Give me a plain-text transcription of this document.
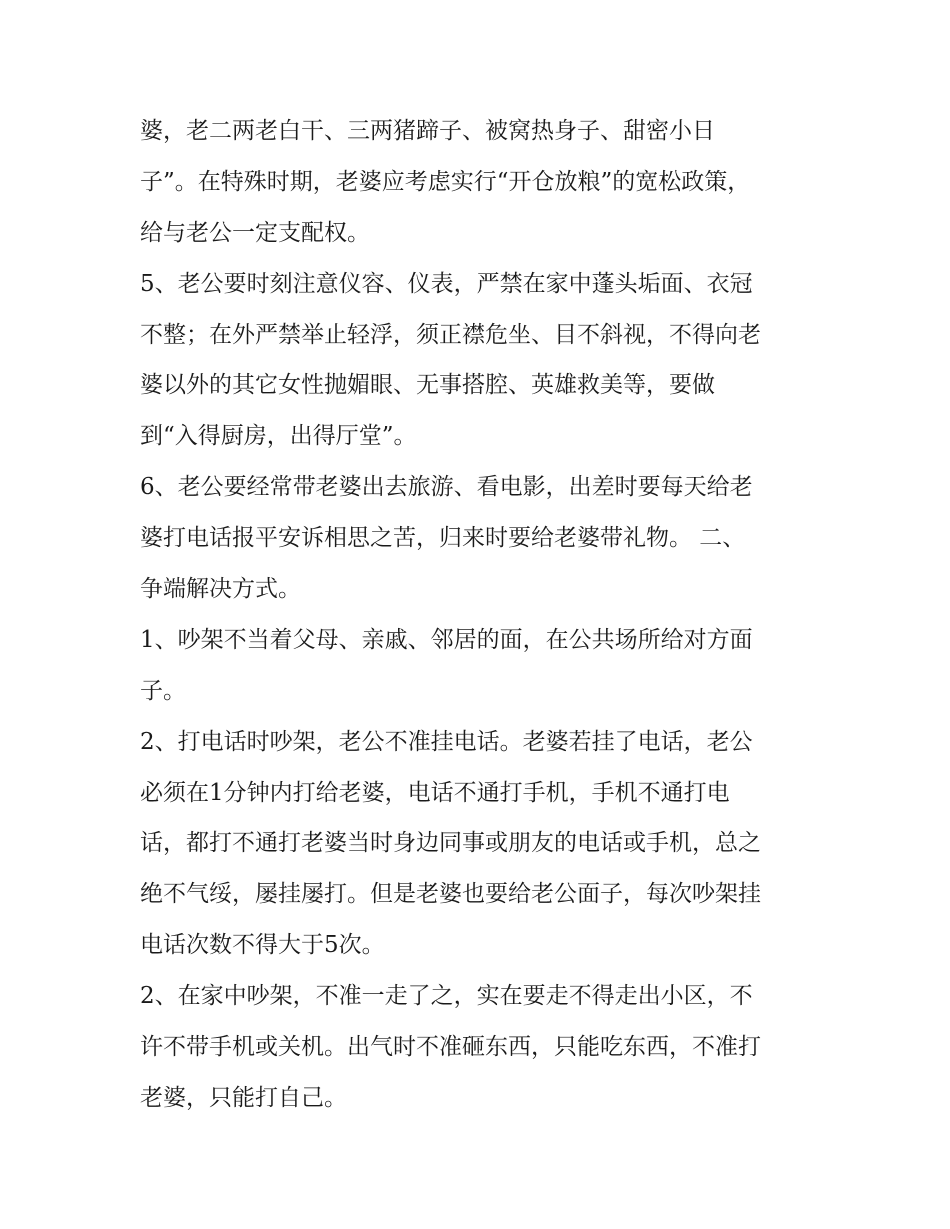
婆，老二两老白干、三两猪蹄子、被窝热身子、甜密小日
子”。在特殊时期，老婆应考虑实行“开仓放粮”的宽松政策，
给与老公一定支配权。
5、老公要时刻注意仪容、仪表，严禁在家中蓬头垢面、衣冠
不整；在外严禁举止轻浮，须正襟危坐、目不斜视，不得向老
婆以外的其它女性抛媚眼、无事搭腔、英雄救美等，要做
到“入得厨房，出得厅堂”。
6、老公要经常带老婆出去旅游、看电影，出差时要每天给老
婆打电话报平安诉相思之苦，归来时要给老婆带礼物。 二、
争端解决方式。
1、吵架不当着父母、亲戚、邻居的面，在公共场所给对方面
子。
2、打电话时吵架，老公不准挂电话。老婆若挂了电话，老公
必须在1分钟内打给老婆，电话不通打手机，手机不通打电
话，都打不通打老婆当时身边同事或朋友的电话或手机，总之
绝不气绥，屡挂屡打。但是老婆也要给老公面子，每次吵架挂
电话次数不得大于5次。
2、在家中吵架，不准一走了之，实在要走不得走出小区，不
许不带手机或关机。出气时不准砸东西，只能吃东西，不准打
老婆，只能打自己。
